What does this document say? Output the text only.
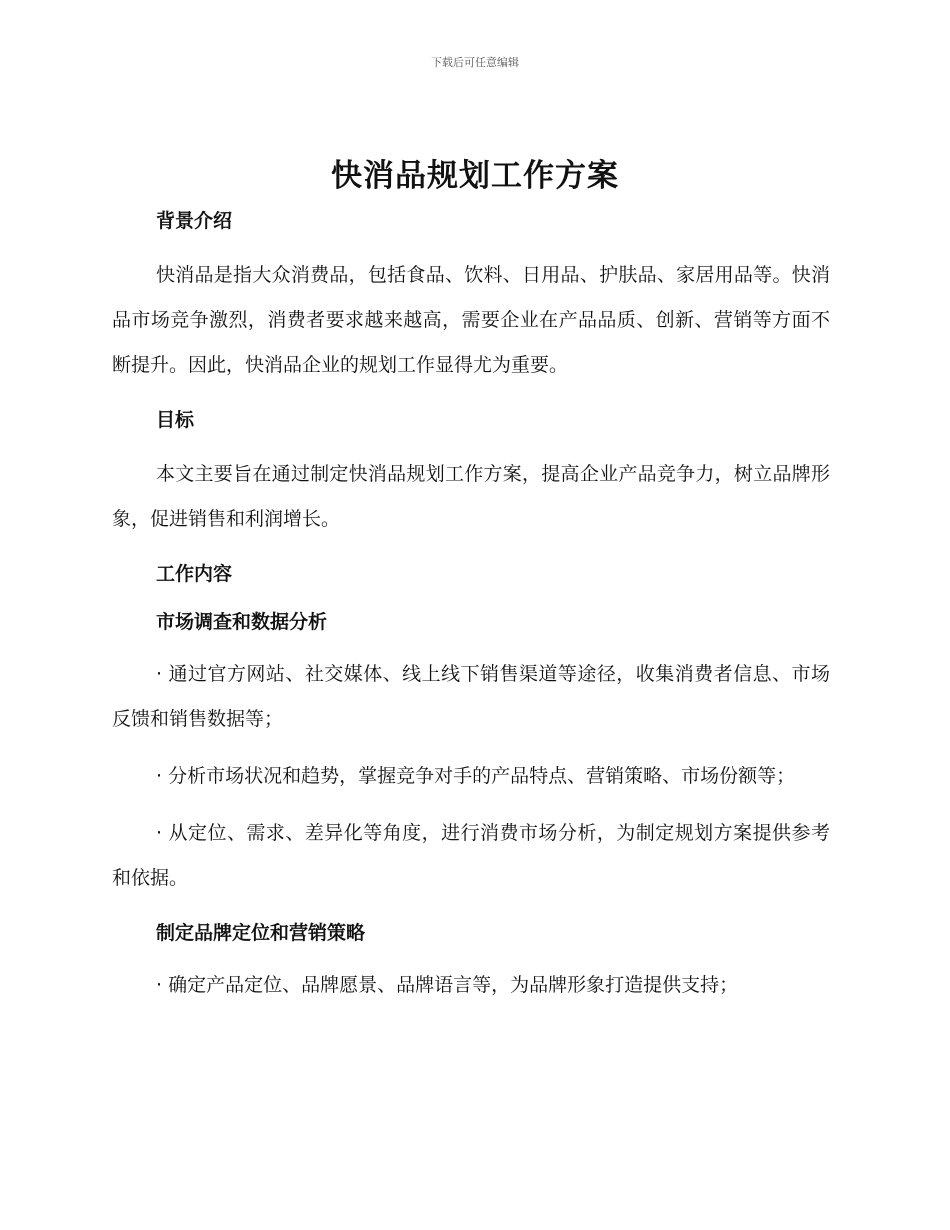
下载后可任意编辑
快消品规划工作方案
背景介绍

快消品是指大众消费品，包括食品、饮料、日用品、护肤品、家居用品等。快消品市场竞争激烈，消费者要求越来越高，需要企业在产品品质、创新、营销等方面不断提升。因此，快消品企业的规划工作显得尤为重要。

目标

本文主要旨在通过制定快消品规划工作方案，提高企业产品竞争力，树立品牌形象，促进销售和利润增长。

工作内容
市场调查和数据分析

· 通过官方网站、社交媒体、线上线下销售渠道等途径，收集消费者信息、市场反馈和销售数据等；

· 分析市场状况和趋势，掌握竞争对手的产品特点、营销策略、市场份额等；

· 从定位、需求、差异化等角度，进行消费市场分析，为制定规划方案提供参考和依据。

制定品牌定位和营销策略

· 确定产品定位、品牌愿景、品牌语言等，为品牌形象打造提供支持；
